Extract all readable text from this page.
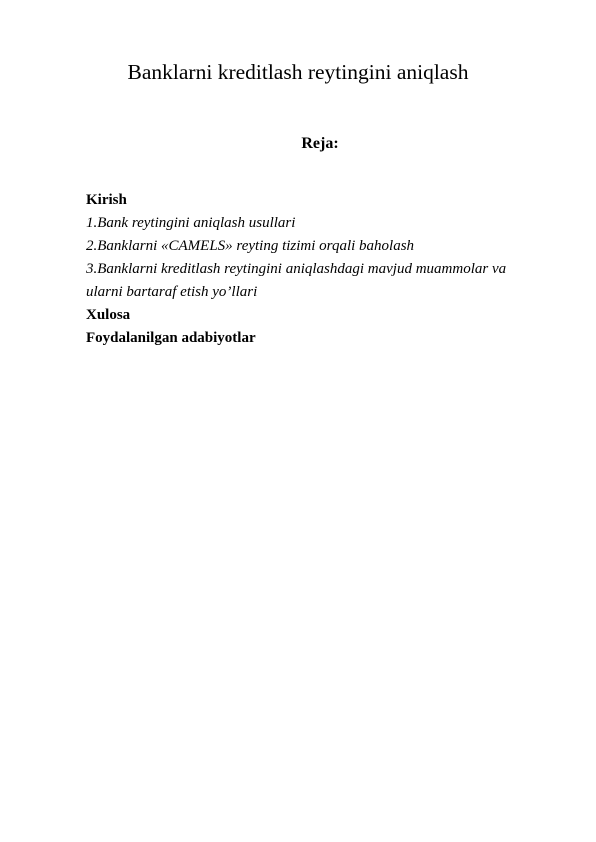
Banklarni kreditlash reytingini aniqlash
Reja:
Kirish
1.Bank reytingini aniqlash usullari
2.Banklarni «CAMELS» reyting tizimi orqali baholash
3.Banklarni kreditlash reytingini aniqlashdagi mavjud muammolar va ularni bartaraf etish yo’llari
Xulosa
Foydalanilgan adabiyotlar
